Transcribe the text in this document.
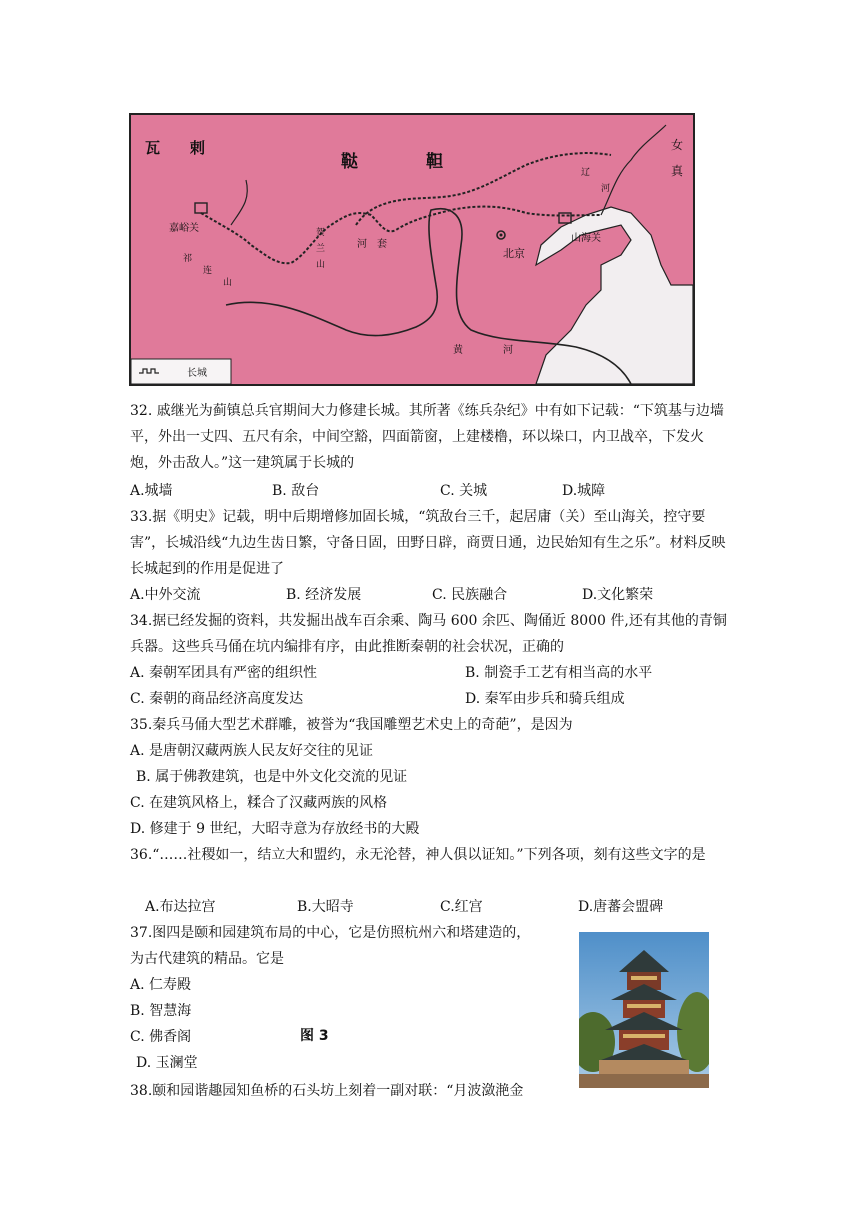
瓦　　剌
鞑　　　　靼
女
真
嘉峪关
祁
连
山
贺
兰
山
河　套
北京
山海关
黄　　　　河
辽
河
长城
32. 戚继光为蓟镇总兵官期间大力修建长城。其所著《练兵杂纪》中有如下记载：“下筑基与边墙平，外出一丈四、五尺有余，中间空豁，四面箭窗，上建楼橹，环以垛口，内卫战卒，下发火炮，外击敌人。”这一建筑属于长城的
A.城墙	B. 敌台	C. 关城	D.城障
33.据《明史》记载，明中后期增修加固长城，“筑敌台三千，起居庸（关）至山海关，控守要害”，长城沿线“九边生齿日繁，守备日固，田野日辟，商贾日通，边民始知有生之乐”。材料反映长城起到的作用是促进了
A.中外交流	B. 经济发展	C. 民族融合	D.文化繁荣
34.据已经发掘的资料，共发掘出战车百余乘、陶马 600 余匹、陶俑近 8000 件,还有其他的青铜兵器。这些兵马俑在坑内编排有序，由此推断秦朝的社会状况，正确的
A. 秦朝军团具有严密的组织性	B. 制瓷手工艺有相当高的水平
C. 秦朝的商品经济高度发达	D. 秦军由步兵和骑兵组成
35.秦兵马俑大型艺术群雕，被誉为“我国雕塑艺术史上的奇葩”，是因为
A. 是唐朝汉藏两族人民友好交往的见证
B. 属于佛教建筑，也是中外文化交流的见证
C. 在建筑风格上，糅合了汉藏两族的风格
D. 修建于 9 世纪，大昭寺意为存放经书的大殿
36.“……社稷如一，结立大和盟约，永无沦替，神人俱以证知。”下列各项，刻有这些文字的是
A.布达拉宫	B.大昭寺	C.红宫	D.唐蕃会盟碑
37.图四是颐和园建筑布局的中心，它是仿照杭州六和塔建造的，
为古代建筑的精品。它是
A. 仁寿殿
B. 智慧海
C. 佛香阁	图 3
D. 玉澜堂
38.颐和园谐趣园知鱼桥的石头坊上刻着一副对联：“月波潋滟金
